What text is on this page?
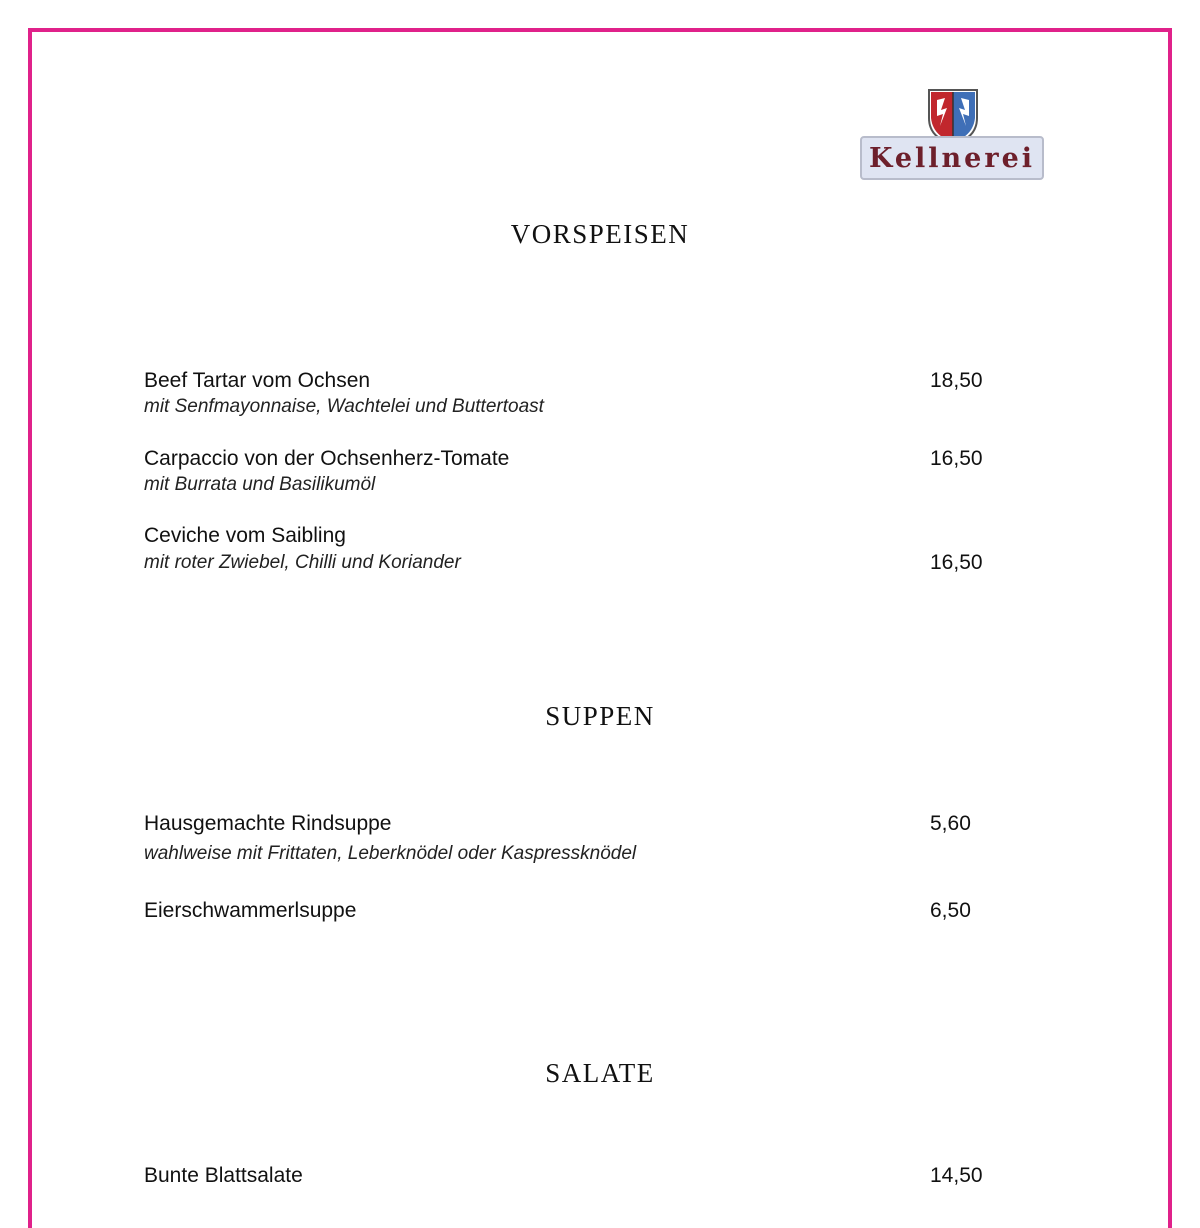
Kellnerei
VORSPEISEN
Beef Tartar vom Ochsen
mit Senfmayonnaise, Wachtelei und Buttertoast
18,50
Carpaccio von der Ochsenherz-Tomate
mit Burrata und Basilikumöl
16,50
Ceviche vom Saibling
mit roter Zwiebel, Chilli und Koriander	16,50
SUPPEN
Hausgemachte Rindsuppe
wahlweise mit Frittaten, Leberknödel oder Kaspressknödel
5,60
Eierschwammerlsuppe	6,50
SALATE
Bunte Blattsalate	14,50
